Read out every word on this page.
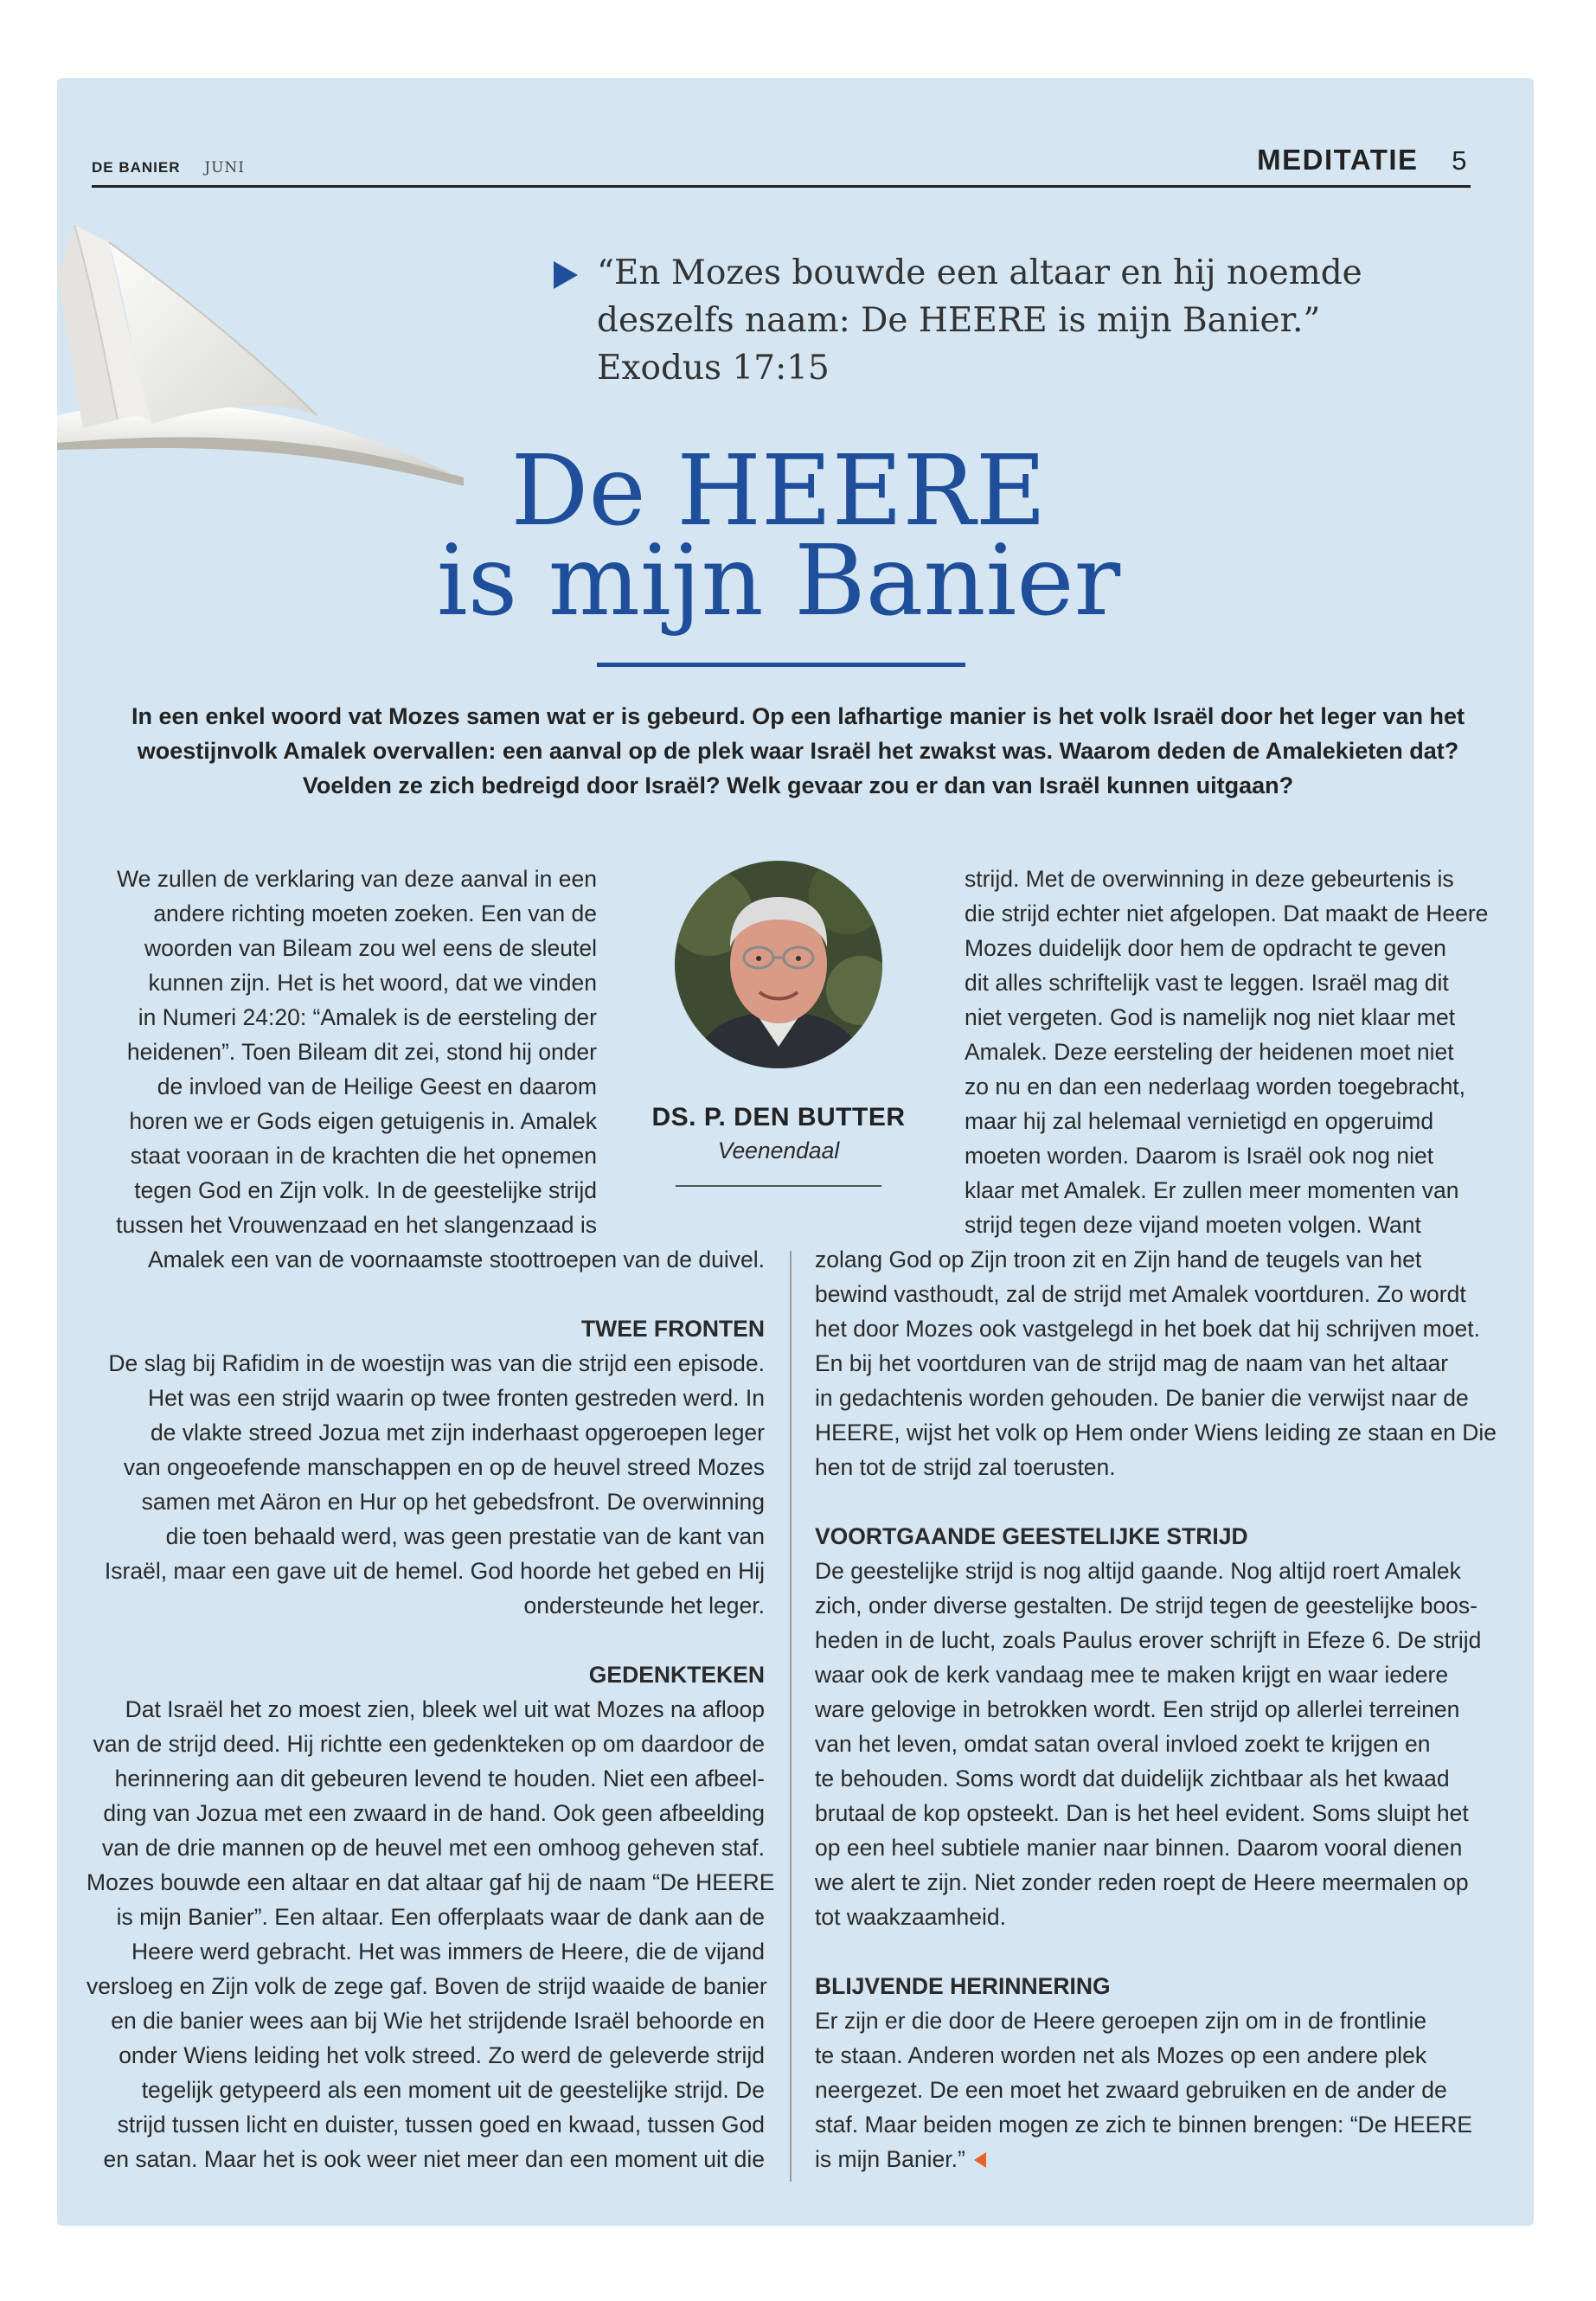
DE BANIER JUNI	MEDITATIE 5
“En Mozes bouwde een altaar en hij noemde
deszelfs naam: De HEERE is mijn Banier.”
Exodus 17:15
De HEERE
is mijn Banier
In een enkel woord vat Mozes samen wat er is gebeurd. Op een lafhartige manier is het volk Israël door het leger van het
woestijnvolk Amalek overvallen: een aanval op de plek waar Israël het zwakst was. Waarom deden de Amalekieten dat?
Voelden ze zich bedreigd door Israël? Welk gevaar zou er dan van Israël kunnen uitgaan?
DS. P. DEN BUTTER
Veenendaal
We zullen de verklaring van deze aanval in een
andere richting moeten zoeken. Een van de
woorden van Bileam zou wel eens de sleutel
kunnen zijn. Het is het woord, dat we vinden
in Numeri 24:20: “Amalek is de eersteling der
heidenen”. Toen Bileam dit zei, stond hij onder
de invloed van de Heilige Geest en daarom
horen we er Gods eigen getuigenis in. Amalek
staat vooraan in de krachten die het opnemen
tegen God en Zijn volk. In de geestelijke strijd
tussen het Vrouwenzaad en het slangenzaad is
strijd. Met de overwinning in deze gebeurtenis is
die strijd echter niet afgelopen. Dat maakt de Heere
Mozes duidelijk door hem de opdracht te geven
dit alles schriftelijk vast te leggen. Israël mag dit
niet vergeten. God is namelijk nog niet klaar met
Amalek. Deze eersteling der heidenen moet niet
zo nu en dan een nederlaag worden toegebracht,
maar hij zal helemaal vernietigd en opgeruimd
moeten worden. Daarom is Israël ook nog niet
klaar met Amalek. Er zullen meer momenten van
strijd tegen deze vijand moeten volgen. Want
Amalek een van de voornaamste stoottroepen van de duivel.
TWEE FRONTEN
De slag bij Rafidim in de woestijn was van die strijd een episode.
Het was een strijd waarin op twee fronten gestreden werd. In
de vlakte streed Jozua met zijn inderhaast opgeroepen leger
van ongeoefende manschappen en op de heuvel streed Mozes
samen met Aäron en Hur op het gebedsfront. De overwinning
die toen behaald werd, was geen prestatie van de kant van
Israël, maar een gave uit de hemel. God hoorde het gebed en Hij
ondersteunde het leger.
GEDENKTEKEN
Dat Israël het zo moest zien, bleek wel uit wat Mozes na afloop
van de strijd deed. Hij richtte een gedenkteken op om daardoor de
herinnering aan dit gebeuren levend te houden. Niet een afbeel-
ding van Jozua met een zwaard in de hand. Ook geen afbeelding
van de drie mannen op de heuvel met een omhoog geheven staf.
Mozes bouwde een altaar en dat altaar gaf hij de naam “De HEERE
is mijn Banier”. Een altaar. Een offerplaats waar de dank aan de
Heere werd gebracht. Het was immers de Heere, die de vijand
versloeg en Zijn volk de zege gaf. Boven de strijd waaide de banier
en die banier wees aan bij Wie het strijdende Israël behoorde en
onder Wiens leiding het volk streed. Zo werd de geleverde strijd
tegelijk getypeerd als een moment uit de geestelijke strijd. De
strijd tussen licht en duister, tussen goed en kwaad, tussen God
en satan. Maar het is ook weer niet meer dan een moment uit die
zolang God op Zijn troon zit en Zijn hand de teugels van het
bewind vasthoudt, zal de strijd met Amalek voortduren. Zo wordt
het door Mozes ook vastgelegd in het boek dat hij schrijven moet.
En bij het voortduren van de strijd mag de naam van het altaar
in gedachtenis worden gehouden. De banier die verwijst naar de
HEERE, wijst het volk op Hem onder Wiens leiding ze staan en Die
hen tot de strijd zal toerusten.
VOORTGAANDE GEESTELIJKE STRIJD
De geestelijke strijd is nog altijd gaande. Nog altijd roert Amalek
zich, onder diverse gestalten. De strijd tegen de geestelijke boos-
heden in de lucht, zoals Paulus erover schrijft in Efeze 6. De strijd
waar ook de kerk vandaag mee te maken krijgt en waar iedere
ware gelovige in betrokken wordt. Een strijd op allerlei terreinen
van het leven, omdat satan overal invloed zoekt te krijgen en
te behouden. Soms wordt dat duidelijk zichtbaar als het kwaad
brutaal de kop opsteekt. Dan is het heel evident. Soms sluipt het
op een heel subtiele manier naar binnen. Daarom vooral dienen
we alert te zijn. Niet zonder reden roept de Heere meermalen op
tot waakzaamheid.
BLIJVENDE HERINNERING
Er zijn er die door de Heere geroepen zijn om in de frontlinie
te staan. Anderen worden net als Mozes op een andere plek
neergezet. De een moet het zwaard gebruiken en de ander de
staf. Maar beiden mogen ze zich te binnen brengen: “De HEERE
is mijn Banier.”
